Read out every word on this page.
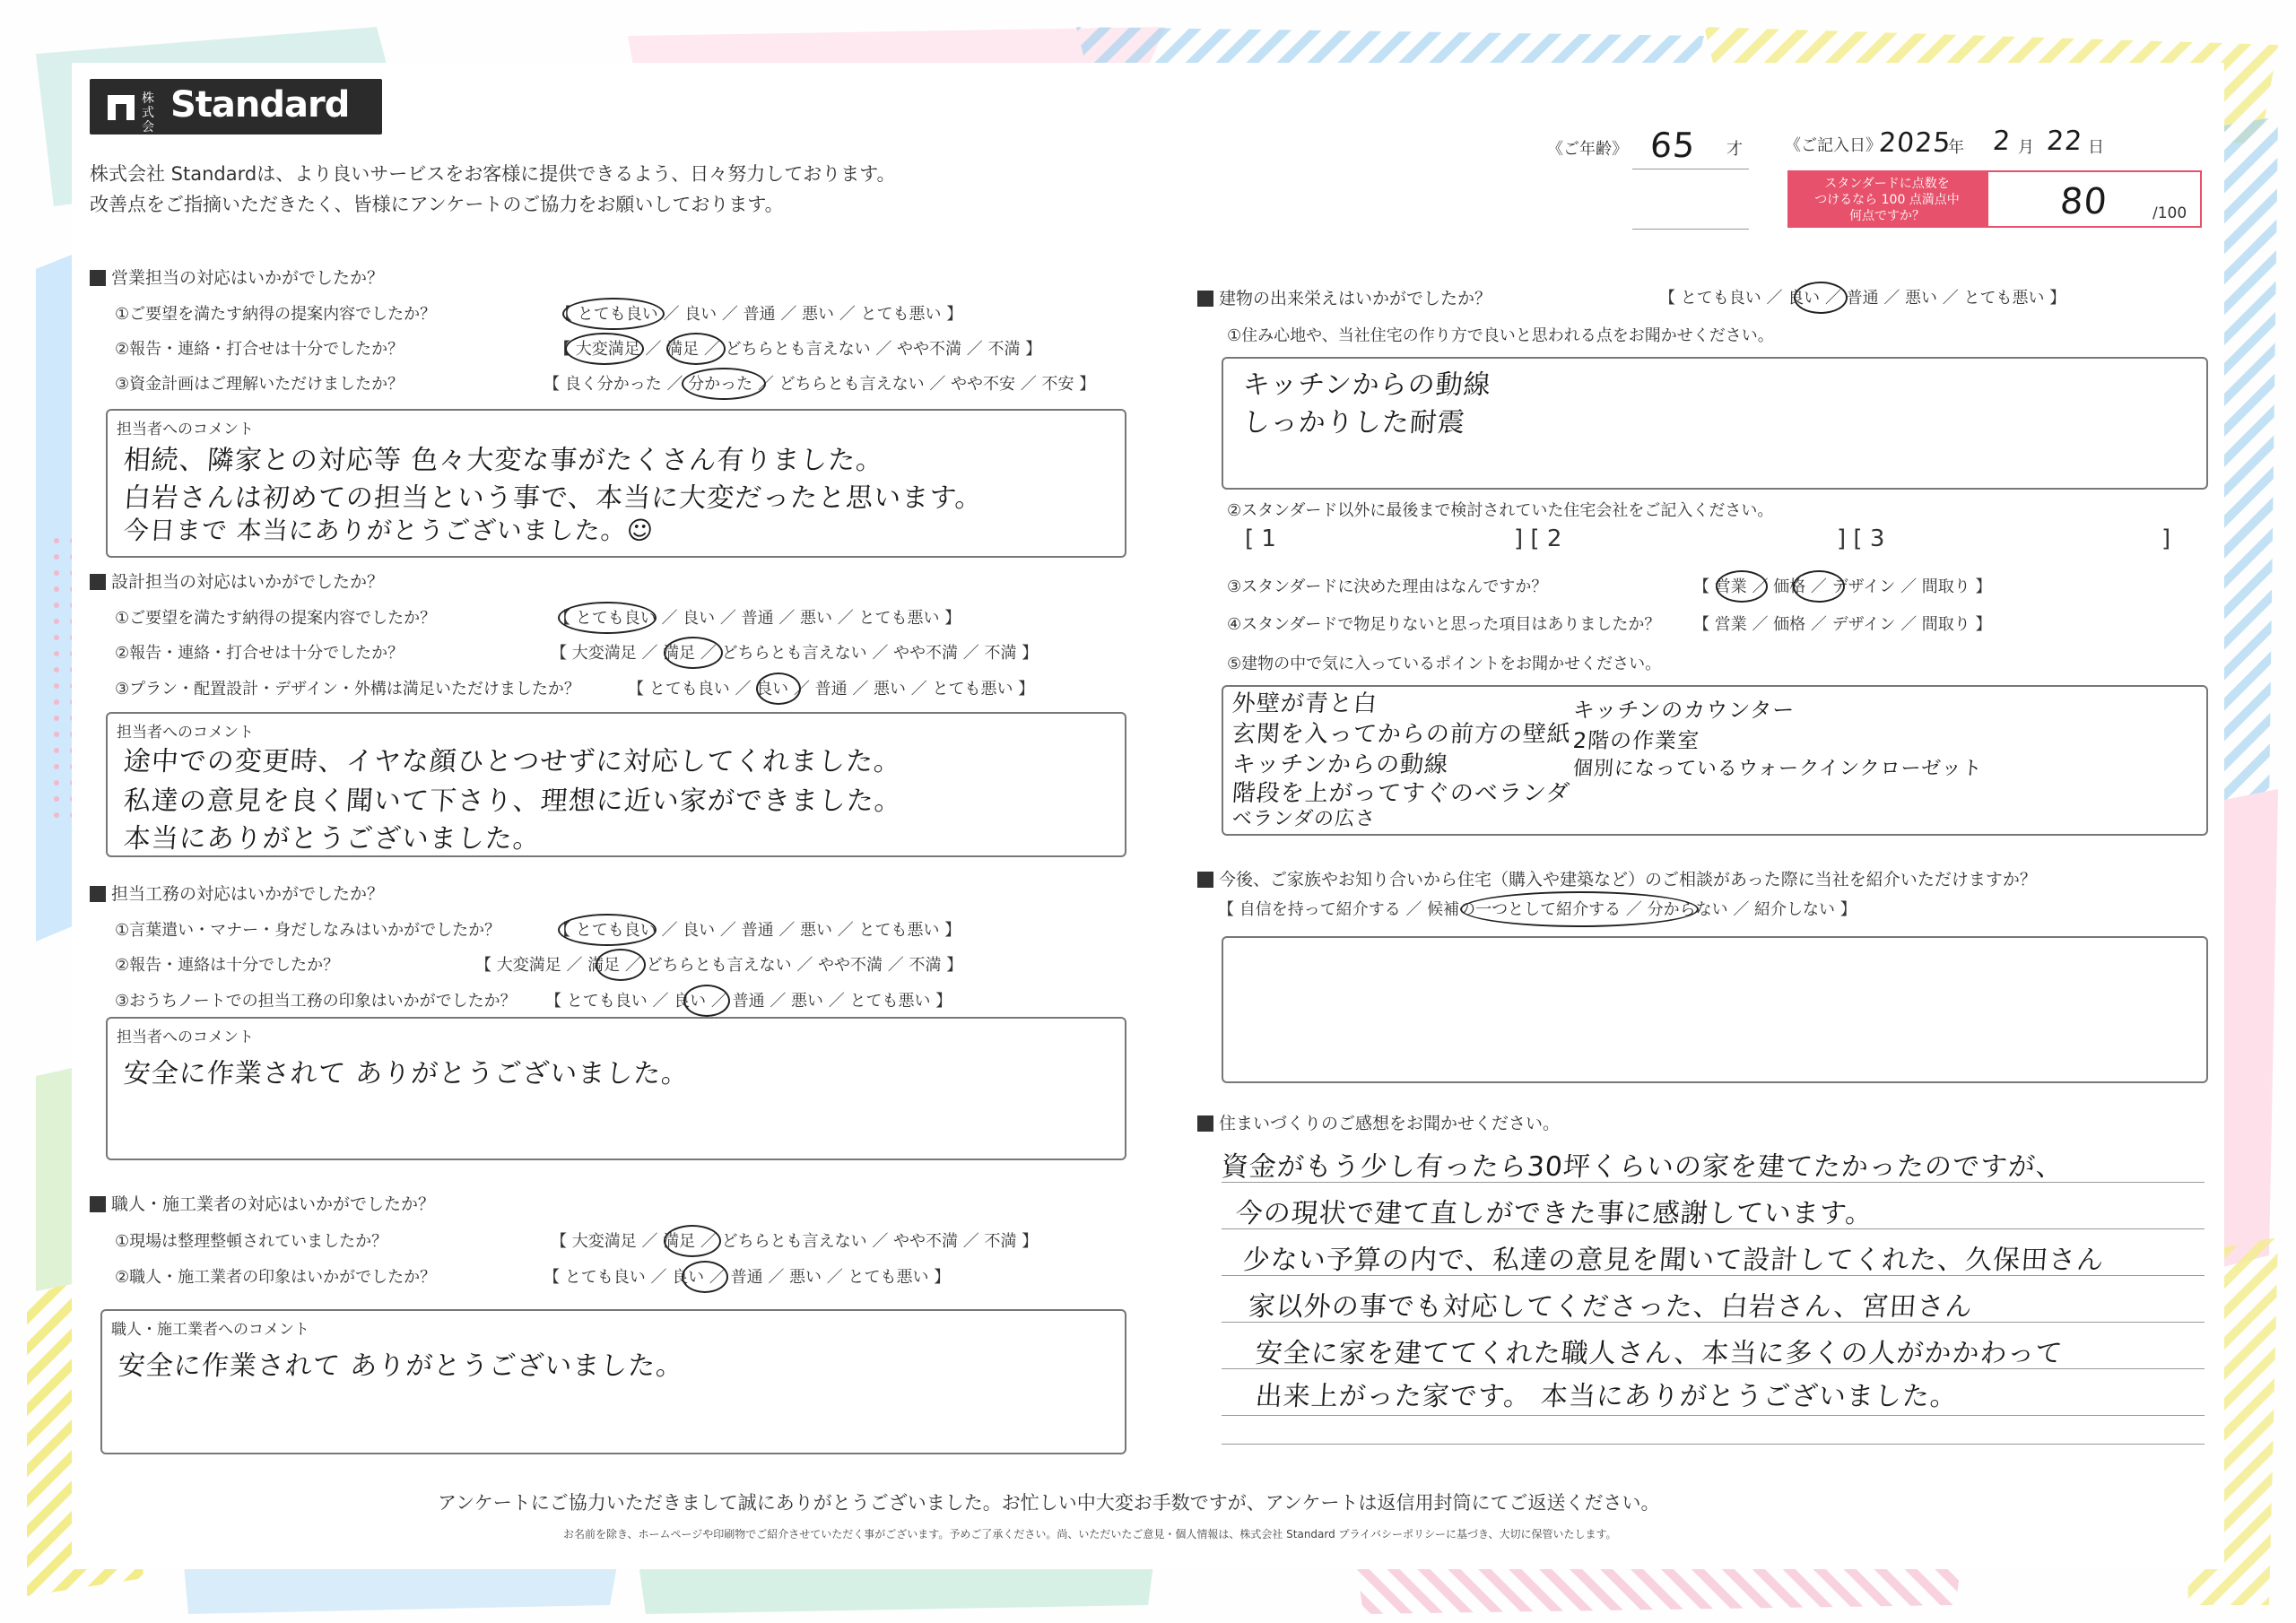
株式会社
Standard
株式会社 Standardは、より良いサービスをお客様に提供できるよう、日々努力しております。
改善点をご指摘いただきたく、皆様にアンケートのご協力をお願いしております。
《ご年齢》 65 才	《ご記入日》
2025
年 2 月 22 日
スタンダードに点数を
つけるなら 100 点満点中
何点ですか？	80	/100
営業担当の対応はいかがでしたか？
①ご要望を満たす納得の提案内容でしたか？	【 とても良い ／ 良い ／ 普通 ／ 悪い ／ とても悪い 】
②報告・連絡・打合せは十分でしたか？	【 大変満足 ／ 満足 ／ どちらとも言えない ／ やや不満 ／ 不満 】
③資金計画はご理解いただけましたか？	【 良く分かった ／ 分かった ／ どちらとも言えない ／ やや不安 ／ 不安 】
担当者へのコメント
相続、隣家との対応等 色々大変な事がたくさん有りました。
白岩さんは初めての担当という事で、本当に大変だったと思います。
今日まで 本当にありがとうございました。☺
設計担当の対応はいかがでしたか？
①ご要望を満たす納得の提案内容でしたか？	【 とても良い ／ 良い ／ 普通 ／ 悪い ／ とても悪い 】
②報告・連絡・打合せは十分でしたか？	【 大変満足 ／ 満足 ／ どちらとも言えない ／ やや不満 ／ 不満 】
③プラン・配置設計・デザイン・外構は満足いただけましたか？	【 とても良い ／ 良い ／ 普通 ／ 悪い ／ とても悪い 】
担当者へのコメント
途中での変更時、イヤな顔ひとつせずに対応してくれました。
私達の意見を良く聞いて下さり、理想に近い家ができました。
本当にありがとうございました。
担当工務の対応はいかがでしたか？
①言葉遣い・マナー・身だしなみはいかがでしたか？	【 とても良い ／ 良い ／ 普通 ／ 悪い ／ とても悪い 】
②報告・連絡は十分でしたか？	【 大変満足 ／ 満足 ／ どちらとも言えない ／ やや不満 ／ 不満 】
③おうちノートでの担当工務の印象はいかがでしたか？ 【 とても良い ／ 良い ／ 普通 ／ 悪い ／ とても悪い 】
担当者へのコメント
安全に作業されて ありがとうございました。
職人・施工業者の対応はいかがでしたか？
①現場は整理整頓されていましたか？	【 大変満足 ／ 満足 ／ どちらとも言えない ／ やや不満 ／ 不満 】
②職人・施工業者の印象はいかがでしたか？	【 とても良い ／ 良い ／ 普通 ／ 悪い ／ とても悪い 】
職人・施工業者へのコメント
安全に作業されて ありがとうございました。
建物の出来栄えはいかがでしたか？	【 とても良い ／ 良い ／ 普通 ／ 悪い ／ とても悪い 】
①住み心地や、当社住宅の作り方で良いと思われる点をお聞かせください。
キッチンからの動線
しっかりした耐震
②スタンダード以外に最後まで検討されていた住宅会社をご記入ください。
[ 1	] [ 2	] [ 3	]
③スタンダードに決めた理由はなんですか？	【 営業 ／ 価格 ／ デザイン ／ 間取り 】
④スタンダードで物足りないと思った項目はありましたか？ 【 営業 ／ 価格 ／ デザイン ／ 間取り 】
⑤建物の中で気に入っているポイントをお聞かせください。
外壁が青と白
玄関を入ってからの前方の壁紙
キッチンからの動線
階段を上がってすぐのベランダ
ベランダの広さ
キッチンのカウンター
2階の作業室
個別になっているウォークインクローゼット
今後、ご家族やお知り合いから住宅（購入や建築など）のご相談があった際に当社を紹介いただけますか？
【 自信を持って紹介する ／ 候補の一つとして紹介する ／ 分からない ／ 紹介しない 】
住まいづくりのご感想をお聞かせください。
資金がもう少し有ったら30坪くらいの家を建てたかったのですが、
今の現状で建て直しができた事に感謝しています。
少ない予算の内で、私達の意見を聞いて設計してくれた、久保田さん
家以外の事でも対応してくださった、白岩さん、宮田さん
安全に家を建ててくれた職人さん、本当に多くの人がかかわって
出来上がった家です。 本当にありがとうございました。
アンケートにご協力いただきまして誠にありがとうございました。お忙しい中大変お手数ですが、アンケートは返信用封筒にてご返送ください。
お名前を除き、ホームページや印刷物でご紹介させていただく事がございます。予めご了承ください。尚、いただいたご意見・個人情報は、株式会社 Standard プライバシーポリシーに基づき、大切に保管いたします。
